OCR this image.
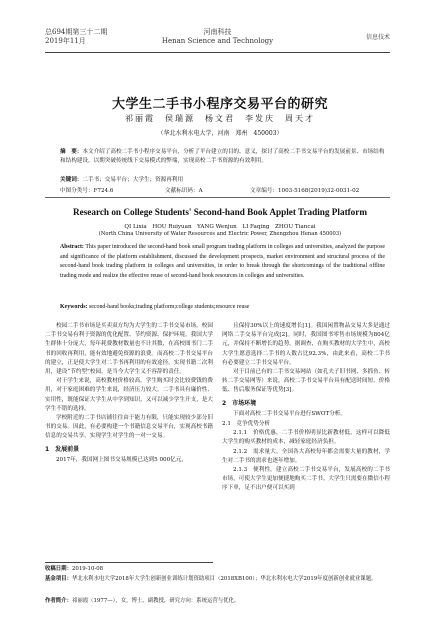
总694期第三十二期
2019年11月
河南科技
Henan Science and Technology	信息技术
大学生二手书小程序交易平台的研究
祁丽霞　侯瑞源　杨文君　李发庆　周天才
（华北水利水电大学，河南　郑州　450003）
摘　要：本文介绍了高校二手书小程序交易平台，分析了平台建立的目的、意义，探讨了高校二手书交易平台的发展前景、市场结构和结构建设，以期突破传统线下交易模式的弊端，实现高校二手书资源的有效利用。
关键词：二手书；交易平台；大学生；资源再利用
中图分类号：F724.6	文献标识码：A	文章编号：1003-5168(2019)32-0031-02
Research on College Students' Second-hand Book Applet Trading Platform
QI Lixia　HOU Ruiyuan　YANG Wenjun　LI Faqing　ZHOU Tiancai
(North China University of Water Resources and Electric Power, Zhengzhou Henan 450003)
Abstract: This paper introduced the second-hand book small program trading platform in colleges and universities, analyzed the purpose and significance of the platform establishment, discussed the development prospects, market environment and structural process of the second-hand book trading platform in colleges and universities, in order to break through the shortcomings of the traditional offline trading mode and realize the effective reuse of second-hand book resources in colleges and universities.
Keywords: second-hand books;trading platform;college students;resource reuse

校园二手书市场是买卖双方均为大学生的二手书交易市场。校园二手书交易有利于资源的优化配置、节约资源、保护环境。我国大学生群体十分庞大，每年耗费教材数量也不计其数，在高校图书门二手书的回收再利用，能有效地避免资源的浪费。而高校二手书交易平台的建立，正是使大学生对二手书再利用的有效途径。实现书籍二次利用，建设“节约型”校园，是当今大学生义不容辞的责任。

对于学生来说，高校教材价格较高，学生购买时会比较费钱的费用，对于家庭困难的学生来说，经济压力较大。二手书具有廉价性、实用性，既能保证大学生从中学到知识，又可以减少学生开支，是大学生不错的选择。

学校附近的二手书店铺往往由于能力有限，只能实现较少部分旧书的交易。因此，有必要构建一个书籍信息交易平台，实现高校书籍信息的交易共享，实现学生对学生的一对一交易。

1　发展前景

2017年，我国网上图书交易规模已达到5 000亿元，

且保持30%以上的速度增长[1]。我国闲置物品交易大多是通过网络二手交易平台完成[2]。同时，我国图书零售市场规模为804亿元，并保持不断增长的趋势。据调查，在购买教材的大学生中，高校大学生愿意选择二手书的人数占比92.3%，由此来看，高校二手书有必要建立二手书交易平台。

对于目前已有的二手书交易网站（如孔夫子旧书网、多抓鱼、转转二手交易网等）来说，高校二手书交易平台具有配送时间短、价格低、售后服务保证等优势[3]。

2　市场环境

下面对高校二手书交易平台进行SWOT分析。

2.1　竞争优势分析

2.1.1　价格优惠。二手书价格明显比新教材低，这样可以降低大学生的购买教材的成本，减轻家庭经济负担。

2.1.2　需求量大。全国各大高校每年都会需要大量的教材，学生对二手书的需求也逐年增加。

2.1.3　便利性。建立高校二手书交易平台，发展高校的二手书市场，可使大学生更加便捷地购买二手书。大学生只需要在微信小程序下单，足不出户便可以买到

收稿日期：2019-10-08
基金项目：华北水利水电大学2018年大学生创新创业训练计划资助项目（2018XB100）；华北水利水电大学2019年度创新创业就业课题。
作者简介：祁丽霞（1977—），女，博士，副教授，研究方向：系统运营与优化。
